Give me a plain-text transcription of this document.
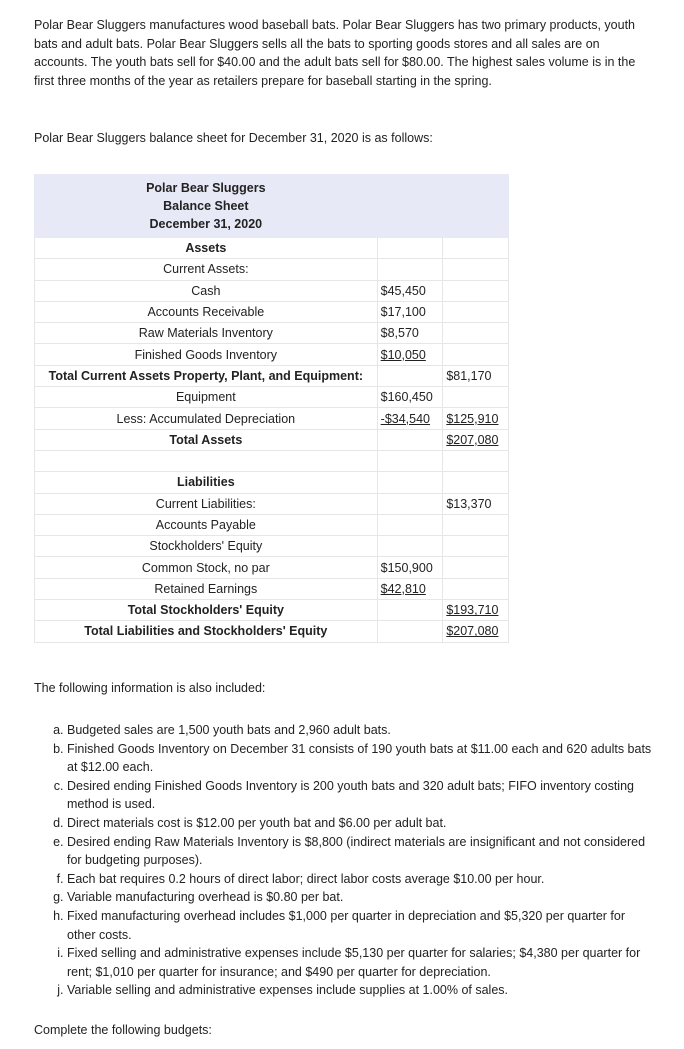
Polar Bear Sluggers manufactures wood baseball bats. Polar Bear Sluggers has two primary products, youth bats and adult bats. Polar Bear Sluggers sells all the bats to sporting goods stores and all sales are on accounts. The youth bats sell for $40.00 and the adult bats sell for $80.00. The highest sales volume is in the first three months of the year as retailers prepare for baseball starting in the spring.
Polar Bear Sluggers balance sheet for December 31, 2020 is as follows:
Polar Bear Sluggers
Balance Sheet
December 31, 2020		

Assets		
Current Assets:		
Cash	$45,450	
Accounts Receivable	$17,100	
Raw Materials Inventory	$8,570	
Finished Goods Inventory	$10,050	
Total Current Assets Property, Plant, and Equipment:		$81,170
Equipment	$160,450	
Less: Accumulated Depreciation	-$34,540	$125,910
Total Assets		$207,080

Liabilities		
Current Liabilities:		$13,370
Accounts Payable		
Stockholders' Equity		
Common Stock, no par	$150,900	
Retained Earnings	$42,810	
Total Stockholders' Equity		$193,710
Total Liabilities and Stockholders' Equity		$207,080
The following information is also included:
a. Budgeted sales are 1,500 youth bats and 2,960 adult bats.
b. Finished Goods Inventory on December 31 consists of 190 youth bats at $11.00 each and 620 adults bats at $12.00 each.
c. Desired ending Finished Goods Inventory is 200 youth bats and 320 adult bats; FIFO inventory costing method is used.
d. Direct materials cost is $12.00 per youth bat and $6.00 per adult bat.
e. Desired ending Raw Materials Inventory is $8,800 (indirect materials are insignificant and not considered for budgeting purposes).
f. Each bat requires 0.2 hours of direct labor; direct labor costs average $10.00 per hour.
g. Variable manufacturing overhead is $0.80 per bat.
h. Fixed manufacturing overhead includes $1,000 per quarter in depreciation and $5,320 per quarter for other costs.
i. Fixed selling and administrative expenses include $5,130 per quarter for salaries; $4,380 per quarter for rent; $1,010 per quarter for insurance; and $490 per quarter for depreciation.
j. Variable selling and administrative expenses include supplies at 1.00% of sales.
Complete the following budgets:
